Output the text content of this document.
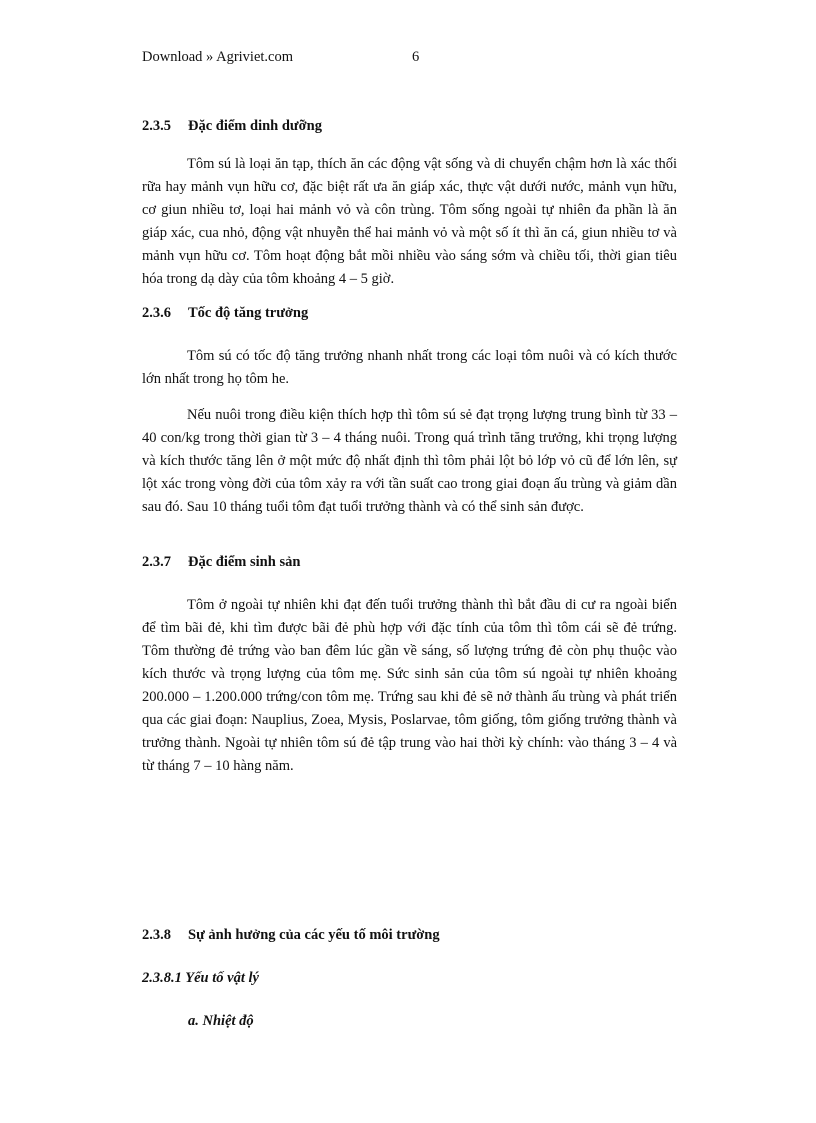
Download » Agriviet.com	6
2.3.5 Đặc điểm dinh dưỡng

Tôm sú là loại ăn tạp, thích ăn các động vật sống và di chuyển chậm hơn là xác thối rữa hay mảnh vụn hữu cơ, đặc biệt rất ưa ăn giáp xác, thực vật dưới nước, mảnh vụn hữu, cơ giun nhiều tơ, loại hai mảnh vỏ và côn trùng. Tôm sống ngoài tự nhiên đa phần là ăn giáp xác, cua nhỏ, động vật nhuyễn thể hai mảnh vỏ và một số ít thì ăn cá, giun nhiều tơ và mảnh vụn hữu cơ. Tôm hoạt động bắt mồi nhiều vào sáng sớm và chiều tối, thời gian tiêu hóa trong dạ dày của tôm khoảng 4 – 5 giờ.

2.3.6 Tốc độ tăng trưởng

Tôm sú có tốc độ tăng trưởng nhanh nhất trong các loại tôm nuôi và có kích thước lớn nhất trong họ tôm he.

Nếu nuôi trong điều kiện thích hợp thì tôm sú sẻ đạt trọng lượng trung bình từ 33 – 40 con/kg trong thời gian từ 3 – 4 tháng nuôi. Trong quá trình tăng trưởng, khi trọng lượng và kích thước tăng lên ở một mức độ nhất định thì tôm phải lột bỏ lớp vỏ cũ để lớn lên, sự lột xác trong vòng đời của tôm xảy ra với tần suất cao trong giai đoạn ấu trùng và giảm dần sau đó. Sau 10 tháng tuổi tôm đạt tuổi trưởng thành và có thể sinh sản được.

2.3.7 Đặc điểm sinh sản

Tôm ở ngoài tự nhiên khi đạt đến tuổi trưởng thành thì bắt đầu di cư ra ngoài biển để tìm bãi đẻ, khi tìm được bãi đẻ phù hợp với đặc tính của tôm thì tôm cái sẽ đẻ trứng. Tôm thường đẻ trứng vào ban đêm lúc gần về sáng, số lượng trứng đẻ còn phụ thuộc vào kích thước và trọng lượng của tôm mẹ. Sức sinh sản của tôm sú ngoài tự nhiên khoảng 200.000 – 1.200.000 trứng/con tôm mẹ. Trứng sau khi đẻ sẽ nở thành ấu trùng và phát triển qua các giai đoạn: Nauplius, Zoea, Mysis, Poslarvae, tôm giống, tôm giống trưởng thành và trưởng thành. Ngoài tự nhiên tôm sú đẻ tập trung vào hai thời kỳ chính: vào tháng 3 – 4 và từ tháng 7 – 10 hàng năm.

2.3.8 Sự ảnh hưởng của các yếu tố môi trường
2.3.8.1 Yếu tố vật lý
a. Nhiệt độ
